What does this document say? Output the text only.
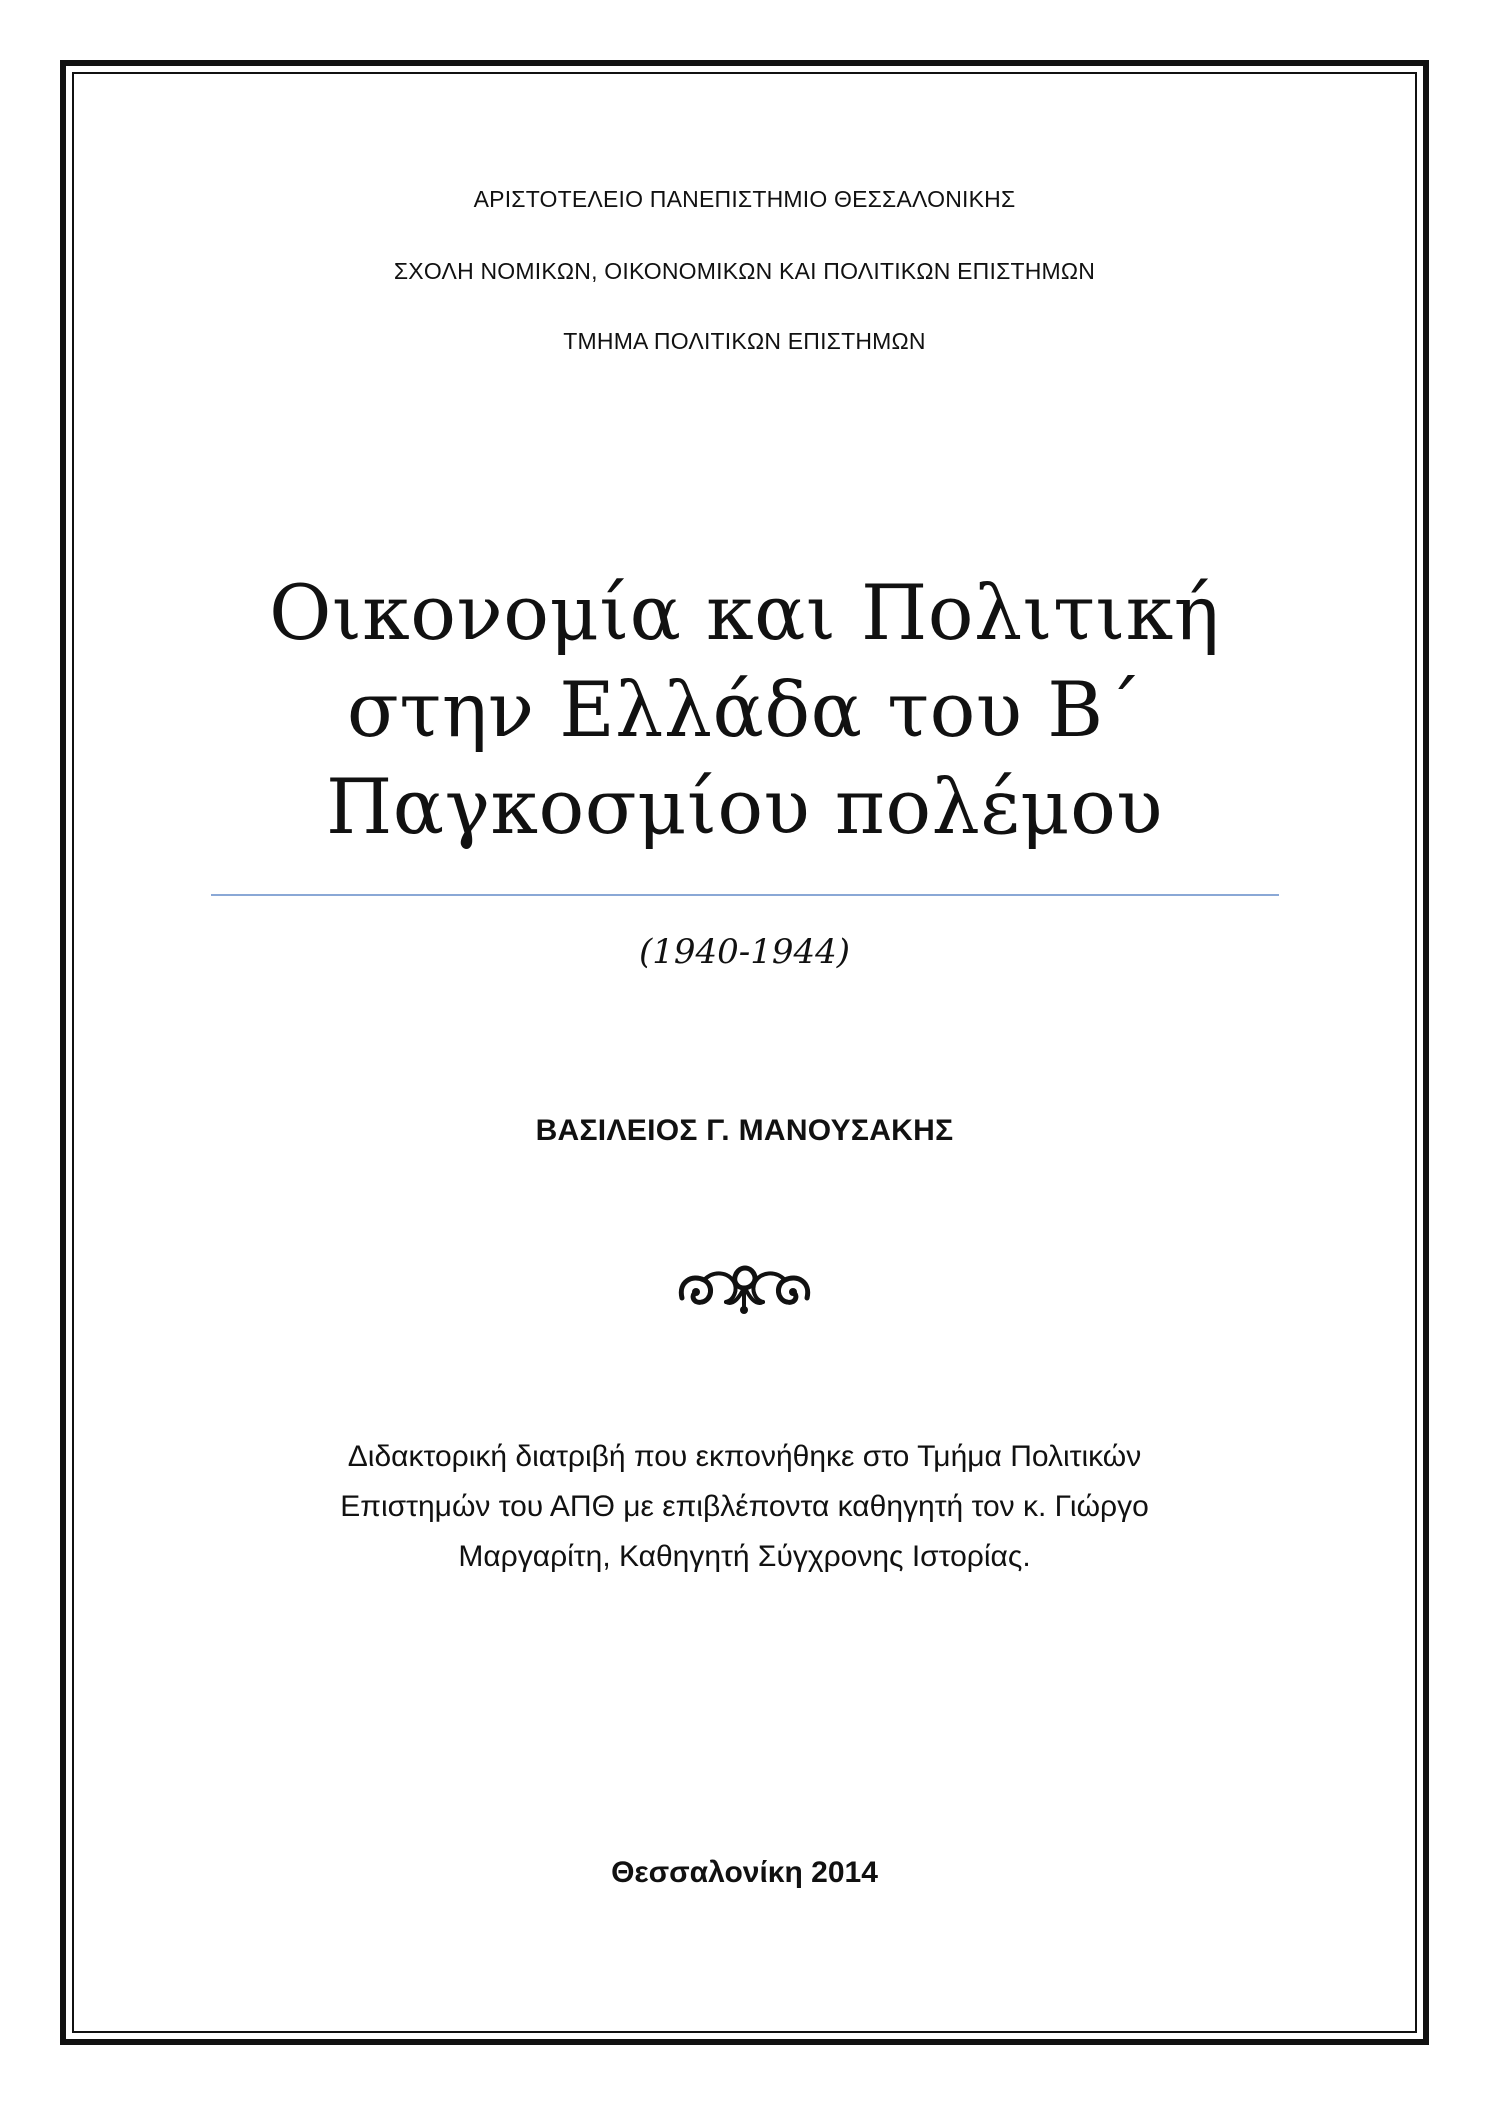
ΑΡΙΣΤΟΤΕΛΕΙΟ ΠΑΝΕΠΙΣΤΗΜΙΟ ΘΕΣΣΑΛΟΝΙΚΗΣ
ΣΧΟΛΗ ΝΟΜΙΚΩΝ, ΟΙΚΟΝΟΜΙΚΩΝ ΚΑΙ ΠΟΛΙΤΙΚΩΝ ΕΠΙΣΤΗΜΩΝ
ΤΜΗΜΑ ΠΟΛΙΤΙΚΩΝ ΕΠΙΣΤΗΜΩΝ
Οικονομία και Πολιτική
στην Ελλάδα του Β΄
Παγκοσμίου πολέμου
(1940-1944)
ΒΑΣΙΛΕΙΟΣ Γ. ΜΑΝΟΥΣΑΚΗΣ
Διδακτορική διατριβή που εκπονήθηκε στο Τμήμα Πολιτικών
Επιστημών του ΑΠΘ με επιβλέποντα καθηγητή τον κ. Γιώργο
Μαργαρίτη, Καθηγητή Σύγχρονης Ιστορίας.
Θεσσαλονίκη 2014
